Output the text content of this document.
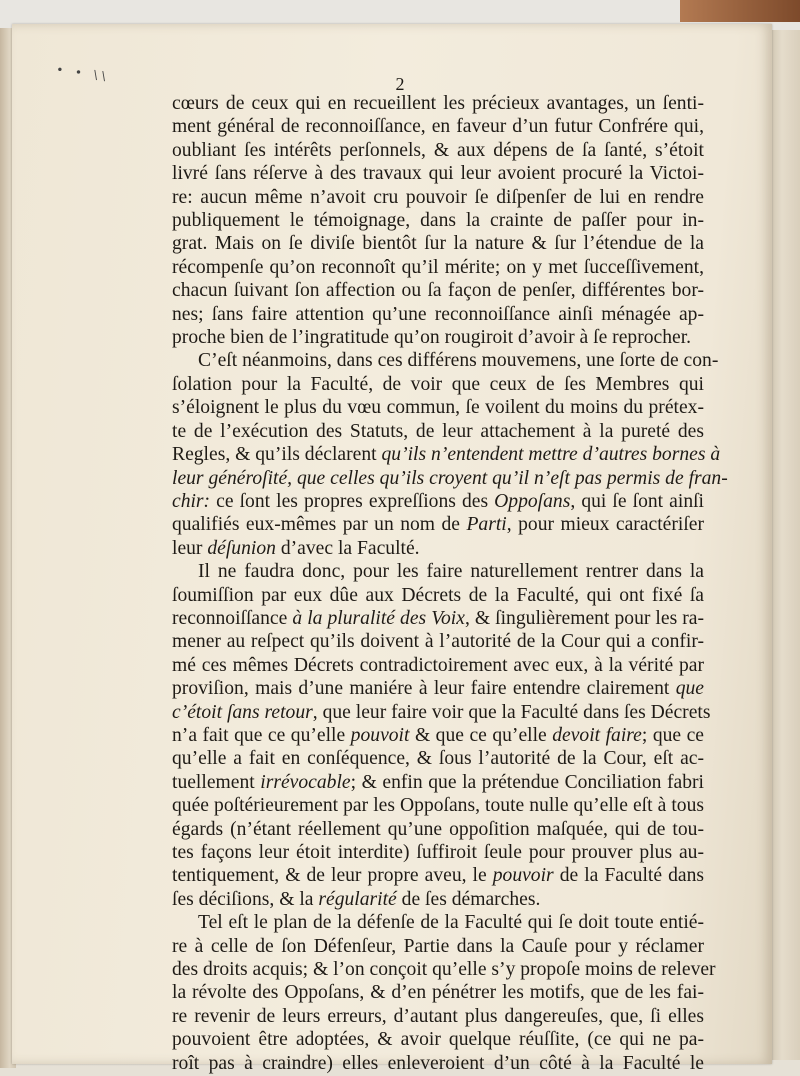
• • \\
2
cœurs de ceux qui en recueillent les précieux avantages, un ſenti-
ment général de reconnoiſſance, en faveur d’un futur Confrére qui,
oubliant ſes intérêts perſonnels, & aux dépens de ſa ſanté, s’étoit
livré ſans réſerve à des travaux qui leur avoient procuré la Victoi-
re: aucun même n’avoit cru pouvoir ſe diſpenſer de lui en rendre
publiquement le témoignage, dans la crainte de paſſer pour in-
grat. Mais on ſe diviſe bientôt ſur la nature & ſur l’étendue de la
récompenſe qu’on reconnoît qu’il mérite; on y met ſucceſſivement,
chacun ſuivant ſon affection ou ſa façon de penſer, différentes bor-
nes; ſans faire attention qu’une reconnoiſſance ainſi ménagée ap-
proche bien de l’ingratitude qu’on rougiroit d’avoir à ſe reprocher.
C’eſt néanmoins, dans ces différens mouvemens, une ſorte de con-
ſolation pour la Faculté, de voir que ceux de ſes Membres qui
s’éloignent le plus du vœu commun, ſe voilent du moins du prétex-
te de l’exécution des Statuts, de leur attachement à la pureté des
Regles, & qu’ils déclarent qu’ils n’entendent mettre d’autres bornes à
leur généroſité, que celles qu’ils croyent qu’il n’eſt pas permis de fran-
chir: ce ſont les propres expreſſions des Oppoſans, qui ſe ſont ainſi
qualifiés eux-mêmes par un nom de Parti, pour mieux caractériſer
leur déſunion d’avec la Faculté.
Il ne faudra donc, pour les faire naturellement rentrer dans la
ſoumiſſion par eux dûe aux Décrets de la Faculté, qui ont fixé ſa
reconnoiſſance à la pluralité des Voix, & ſingulièrement pour les ra-
mener au reſpect qu’ils doivent à l’autorité de la Cour qui a confir-
mé ces mêmes Décrets contradictoirement avec eux, à la vérité par
proviſion, mais d’une maniére à leur faire entendre clairement que
c’étoit ſans retour, que leur faire voir que la Faculté dans ſes Décrets
n’a fait que ce qu’elle pouvoit & que ce qu’elle devoit faire; que ce
qu’elle a fait en conſéquence, & ſous l’autorité de la Cour, eſt ac-
tuellement irrévocable; & enfin que la prétendue Conciliation fabri
quée poſtérieurement par les Oppoſans, toute nulle qu’elle eſt à tous
égards (n’étant réellement qu’une oppoſition maſquée, qui de tou-
tes façons leur étoit interdite) ſuffiroit ſeule pour prouver plus au-
tentiquement, & de leur propre aveu, le pouvoir de la Faculté dans
ſes déciſions, & la régularité de ſes démarches.
Tel eſt le plan de la défenſe de la Faculté qui ſe doit toute entié-
re à celle de ſon Défenſeur, Partie dans la Cauſe pour y réclamer
des droits acquis; & l’on conçoit qu’elle s’y propoſe moins de relever
la révolte des Oppoſans, & d’en pénétrer les motifs, que de les fai-
re revenir de leurs erreurs, d’autant plus dangereuſes, que, ſi elles
pouvoient être adoptées, & avoir quelque réuſſite, (ce qui ne pa-
roît pas à craindre) elles enleveroient d’un côté à la Faculté le
